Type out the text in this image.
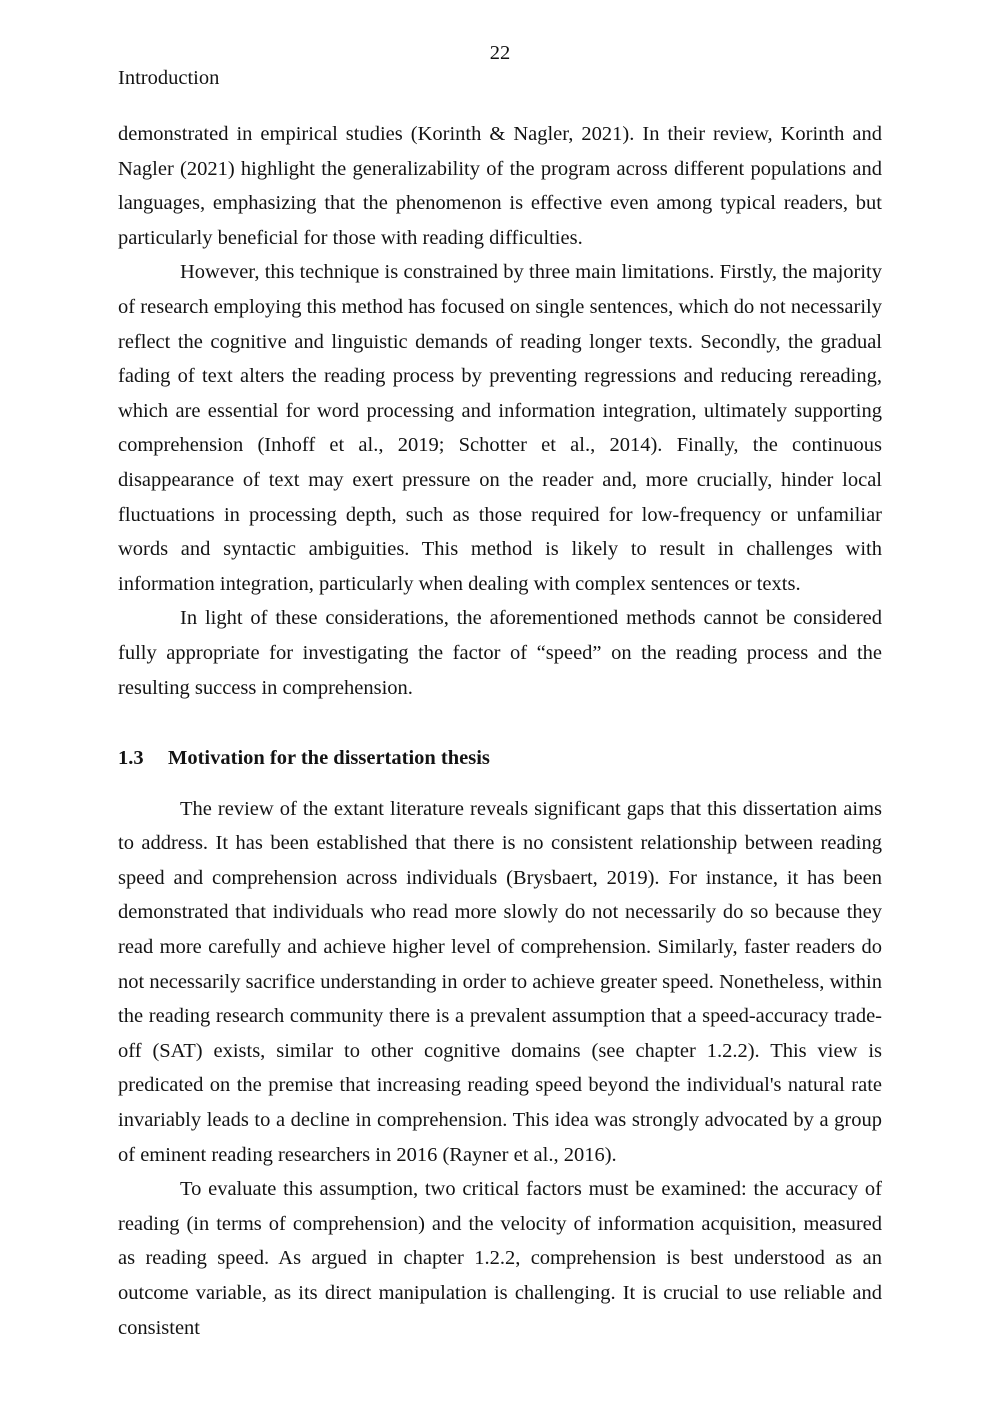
22
Introduction

demonstrated in empirical studies (Korinth & Nagler, 2021). In their review, Korinth and Nagler (2021) highlight the generalizability of the program across different populations and languages, emphasizing that the phenomenon is effective even among typical readers, but particularly beneficial for those with reading difficulties.

However, this technique is constrained by three main limitations. Firstly, the majority of research employing this method has focused on single sentences, which do not necessarily reflect the cognitive and linguistic demands of reading longer texts. Secondly, the gradual fading of text alters the reading process by preventing regressions and reducing rereading, which are essential for word processing and information integration, ultimately supporting comprehension (Inhoff et al., 2019; Schotter et al., 2014). Finally, the continuous disappearance of text may exert pressure on the reader and, more crucially, hinder local fluctuations in processing depth, such as those required for low-frequency or unfamiliar words and syntactic ambiguities. This method is likely to result in challenges with information integration, particularly when dealing with complex sentences or texts.

In light of these considerations, the aforementioned methods cannot be considered fully appropriate for investigating the factor of “speed” on the reading process and the resulting success in comprehension.

1.3 Motivation for the dissertation thesis

The review of the extant literature reveals significant gaps that this dissertation aims to address. It has been established that there is no consistent relationship between reading speed and comprehension across individuals (Brysbaert, 2019). For instance, it has been demonstrated that individuals who read more slowly do not necessarily do so because they read more carefully and achieve higher level of comprehension. Similarly, faster readers do not necessarily sacrifice understanding in order to achieve greater speed. Nonetheless, within the reading research community there is a prevalent assumption that a speed-accuracy trade-off (SAT) exists, similar to other cognitive domains (see chapter 1.2.2). This view is predicated on the premise that increasing reading speed beyond the individual's natural rate invariably leads to a decline in comprehension. This idea was strongly advocated by a group of eminent reading researchers in 2016 (Rayner et al., 2016).

To evaluate this assumption, two critical factors must be examined: the accuracy of reading (in terms of comprehension) and the velocity of information acquisition, measured as reading speed. As argued in chapter 1.2.2, comprehension is best understood as an outcome variable, as its direct manipulation is challenging. It is crucial to use reliable and consistent
